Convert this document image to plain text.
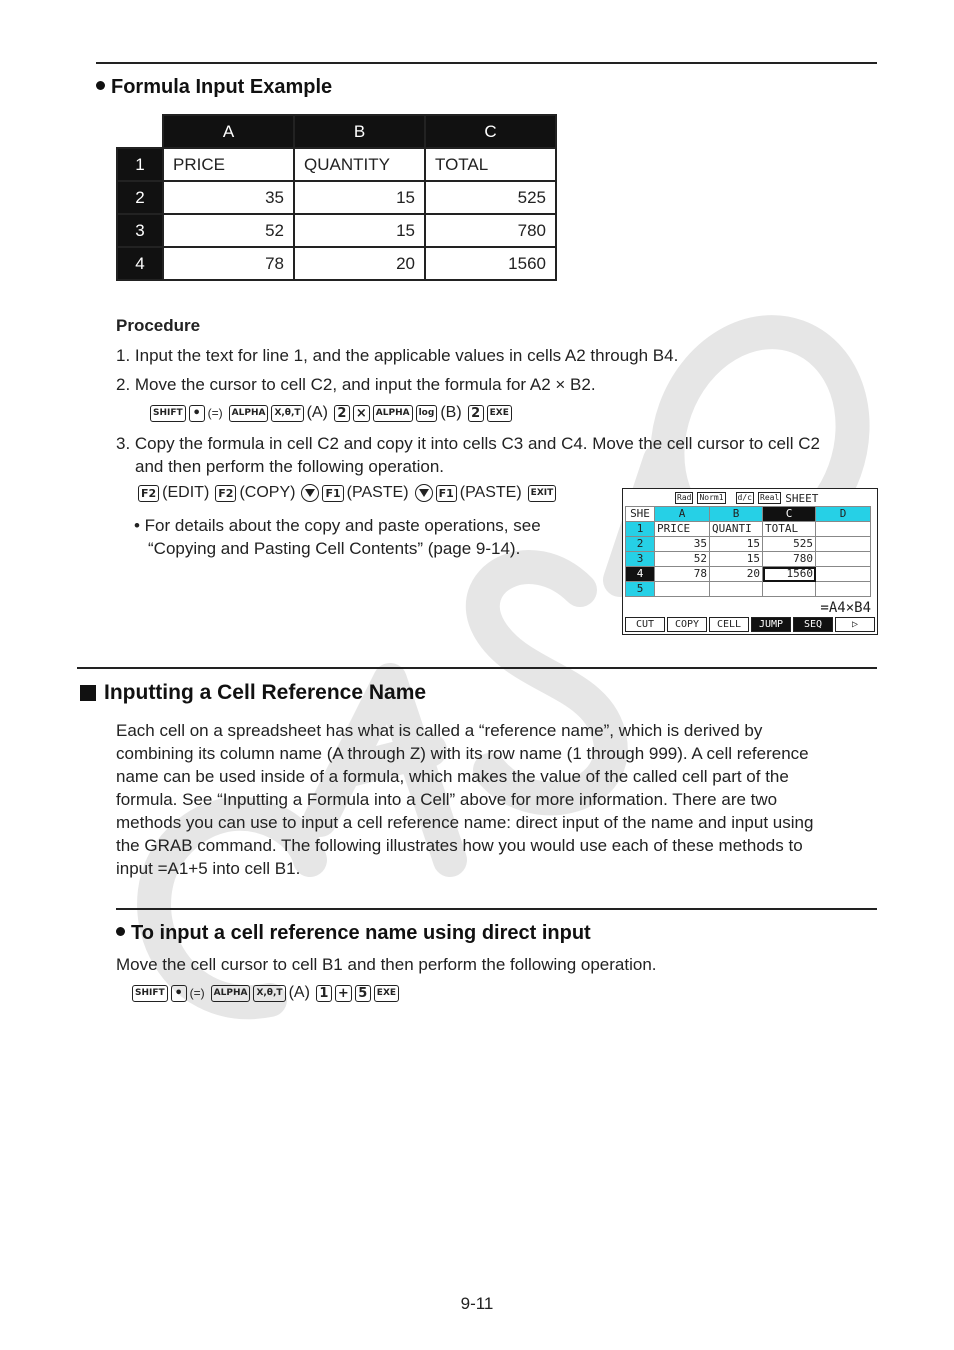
Formula Input Example
	A	B	C
1	PRICE	QUANTITY	TOTAL
2	35	15	525
3	52	15	780
4	78	20	1560
Procedure
1. Input the text for line 1, and the applicable values in cells A2 through B4.
2. Move the cursor to cell C2, and input the formula for A2 × B2.
SHIFT • (=)	ALPHA	X,θ,T (A) 2 ×	ALPHA	log (B) 2	EXE
3. Copy the formula in cell C2 and copy it into cells C3 and C4. Move the cell cursor to cell C2
and then perform the following operation.
F2 (EDIT) F2 (COPY)	F1 (PASTE)	F1 (PASTE)	EXIT
• For details about the copy and paste operations, see
“Copying and Pasting Cell Contents” (page 9-14).
Rad Norm1 d/c Real SHEET
SHE	A	B	C	D
1	PRICE	QUANTI	TOTAL	
2	35	15	525	
3	52	15	780	
4	78	20	1560	
5				
=A4×B4
CUT	COPY	CELL	JUMP	SEQ	▷
Inputting a Cell Reference Name
Each cell on a spreadsheet has what is called a “reference name”, which is derived by
combining its column name (A through Z) with its row name (1 through 999). A cell reference
name can be used inside of a formula, which makes the value of the called cell part of the
formula. See “Inputting a Formula into a Cell” above for more information. There are two
methods you can use to input a cell reference name: direct input of the name and input using
the GRAB command. The following illustrates how you would use each of these methods to
input =A1+5 into cell B1.
To input a cell reference name using direct input
Move the cell cursor to cell B1 and then perform the following operation.
SHIFT • (=)	ALPHA	X,θ,T (A) 1 + 5	EXE
9-11
